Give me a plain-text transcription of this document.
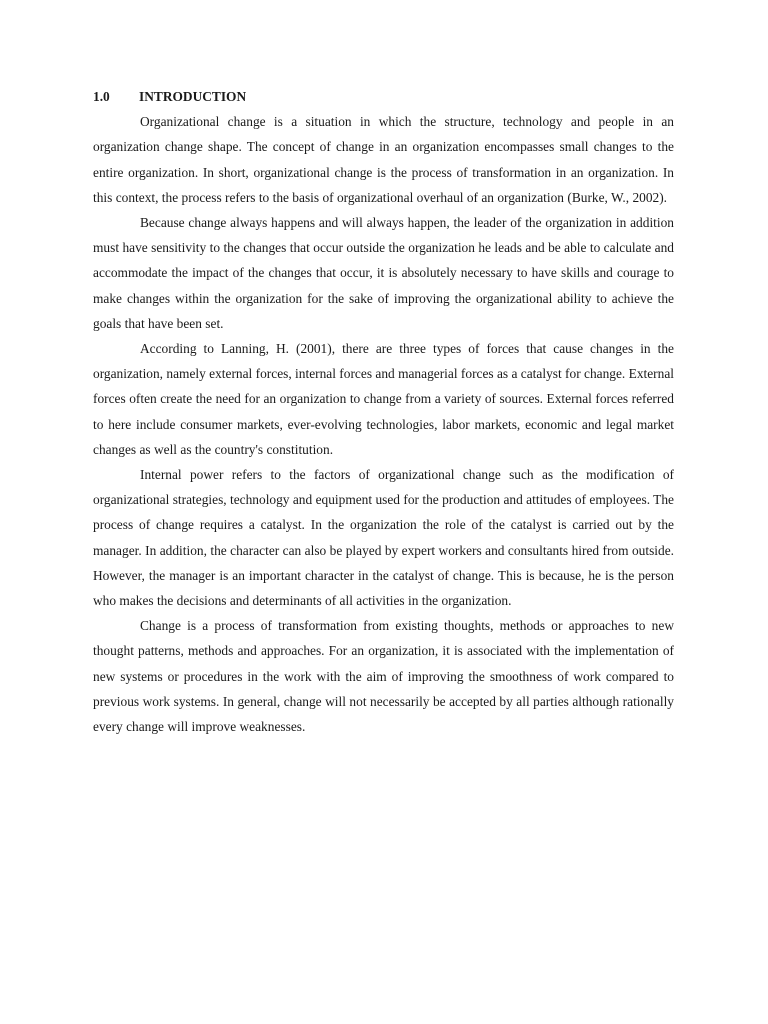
1.0 INTRODUCTION

Organizational change is a situation in which the structure, technology and people in an organization change shape. The concept of change in an organization encompasses small changes to the entire organization. In short, organizational change is the process of transformation in an organization. In this context, the process refers to the basis of organizational overhaul of an organization (Burke, W., 2002).

Because change always happens and will always happen, the leader of the organization in addition must have sensitivity to the changes that occur outside the organization he leads and be able to calculate and accommodate the impact of the changes that occur, it is absolutely necessary to have skills and courage to make changes within the organization for the sake of improving the organizational ability to achieve the goals that have been set.

According to Lanning, H. (2001), there are three types of forces that cause changes in the organization, namely external forces, internal forces and managerial forces as a catalyst for change. External forces often create the need for an organization to change from a variety of sources. External forces referred to here include consumer markets, ever-evolving technologies, labor markets, economic and legal market changes as well as the country's constitution.

Internal power refers to the factors of organizational change such as the modification of organizational strategies, technology and equipment used for the production and attitudes of employees. The process of change requires a catalyst. In the organization the role of the catalyst is carried out by the manager. In addition, the character can also be played by expert workers and consultants hired from outside. However, the manager is an important character in the catalyst of change. This is because, he is the person who makes the decisions and determinants of all activities in the organization.

Change is a process of transformation from existing thoughts, methods or approaches to new thought patterns, methods and approaches. For an organization, it is associated with the implementation of new systems or procedures in the work with the aim of improving the smoothness of work compared to previous work systems. In general, change will not necessarily be accepted by all parties although rationally every change will improve weaknesses.
